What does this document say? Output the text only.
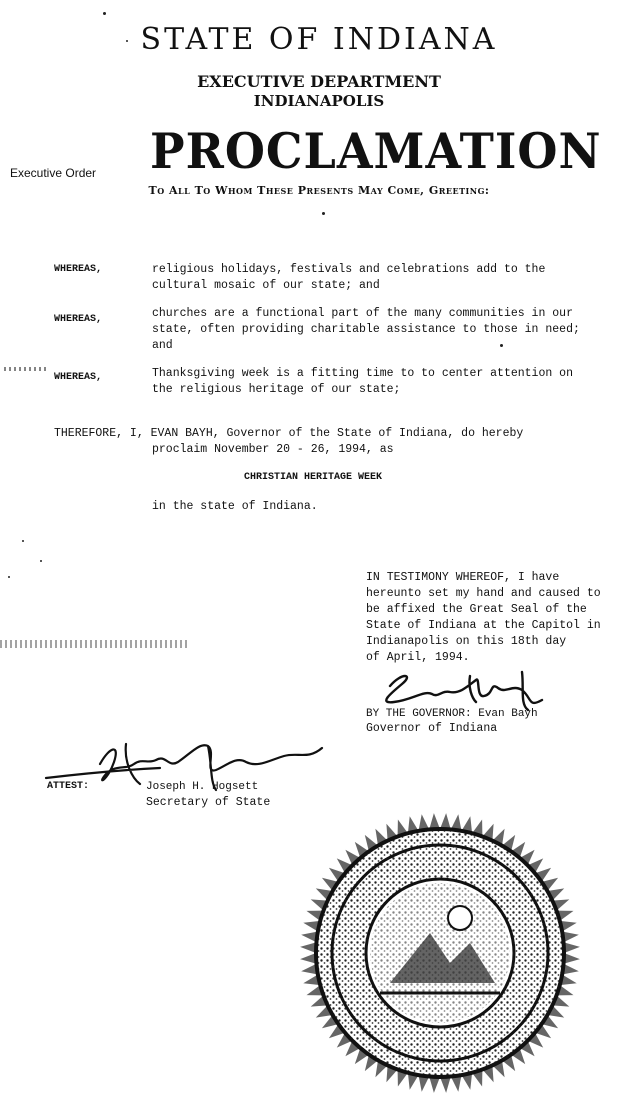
STATE OF INDIANA
EXECUTIVE DEPARTMENT
INDIANAPOLIS
PROCLAMATION
Executive Order
To All To Whom These Presents May Come, Greeting:
WHEREAS,	religious holidays, festivals and celebrations add to the
cultural mosaic of our state; and
WHEREAS,	churches are a functional part of the many communities in our
state, often providing charitable assistance to those in need;
and
WHEREAS,	Thanksgiving week is a fitting time to to center attention on
the religious heritage of our state;
THEREFORE, I, EVAN BAYH, Governor of the State of Indiana, do hereby
proclaim November 20 - 26, 1994, as
CHRISTIAN HERITAGE WEEK
in the state of Indiana.
IN TESTIMONY WHEREOF, I have
hereunto set my hand and caused to
be affixed the Great Seal of the
State of Indiana at the Capitol in
Indianapolis on this 18th day
of April, 1994.
BY THE GOVERNOR: Evan Bayh
Governor of Indiana
ATTEST:	Joseph H. Hogsett
Secretary of State
